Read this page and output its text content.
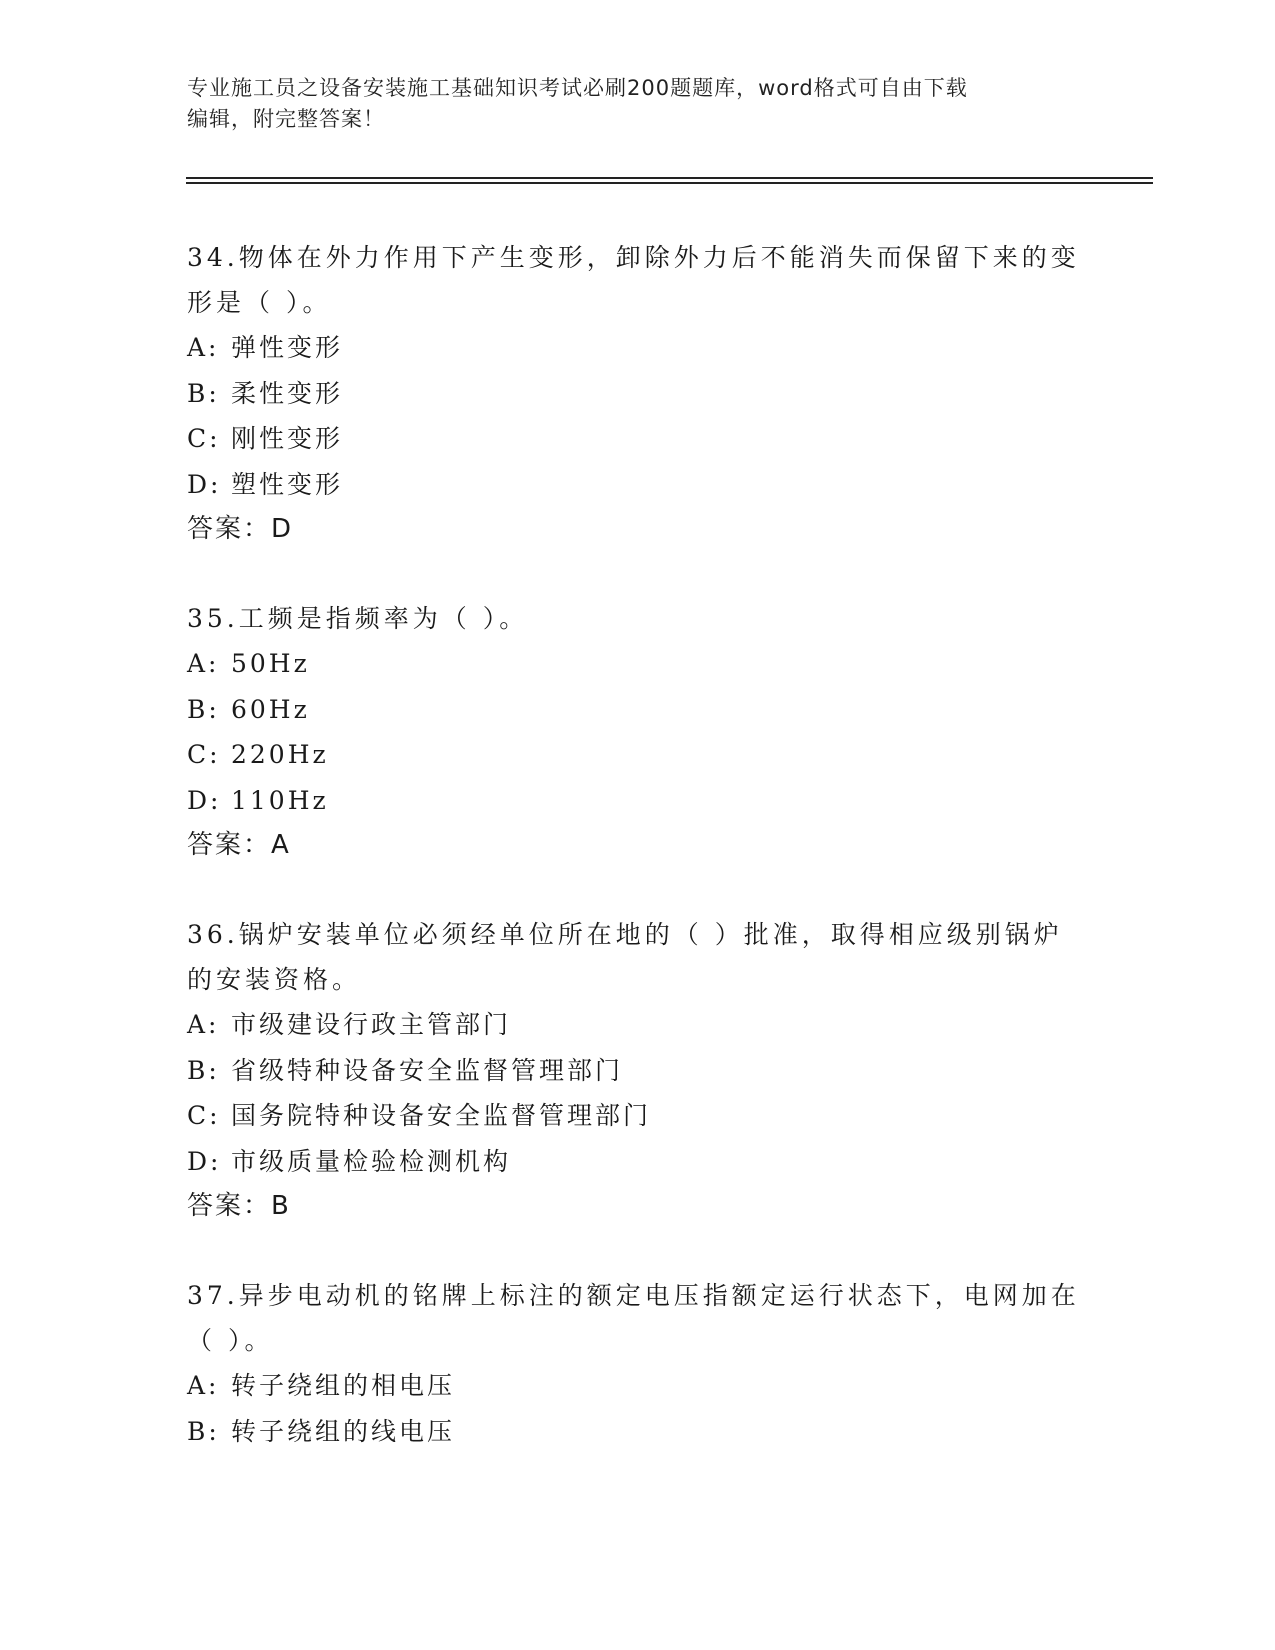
专业施工员之设备安装施工基础知识考试必刷200题题库，word格式可自由下载
编辑，附完整答案！
34.物体在外力作用下产生变形，卸除外力后不能消失而保留下来的变
形是（ ）。
A: 弹性变形
B: 柔性变形
C: 刚性变形
D: 塑性变形
答案：D
35.工频是指频率为（ ）。
A: 50Hz
B: 60Hz
C: 220Hz
D: 110Hz
答案：A
36.锅炉安装单位必须经单位所在地的（ ）批准，取得相应级别锅炉
的安装资格。
A: 市级建设行政主管部门
B: 省级特种设备安全监督管理部门
C: 国务院特种设备安全监督管理部门
D: 市级质量检验检测机构
答案：B
37.异步电动机的铭牌上标注的额定电压指额定运行状态下，电网加在
（ ）。
A: 转子绕组的相电压
B: 转子绕组的线电压
